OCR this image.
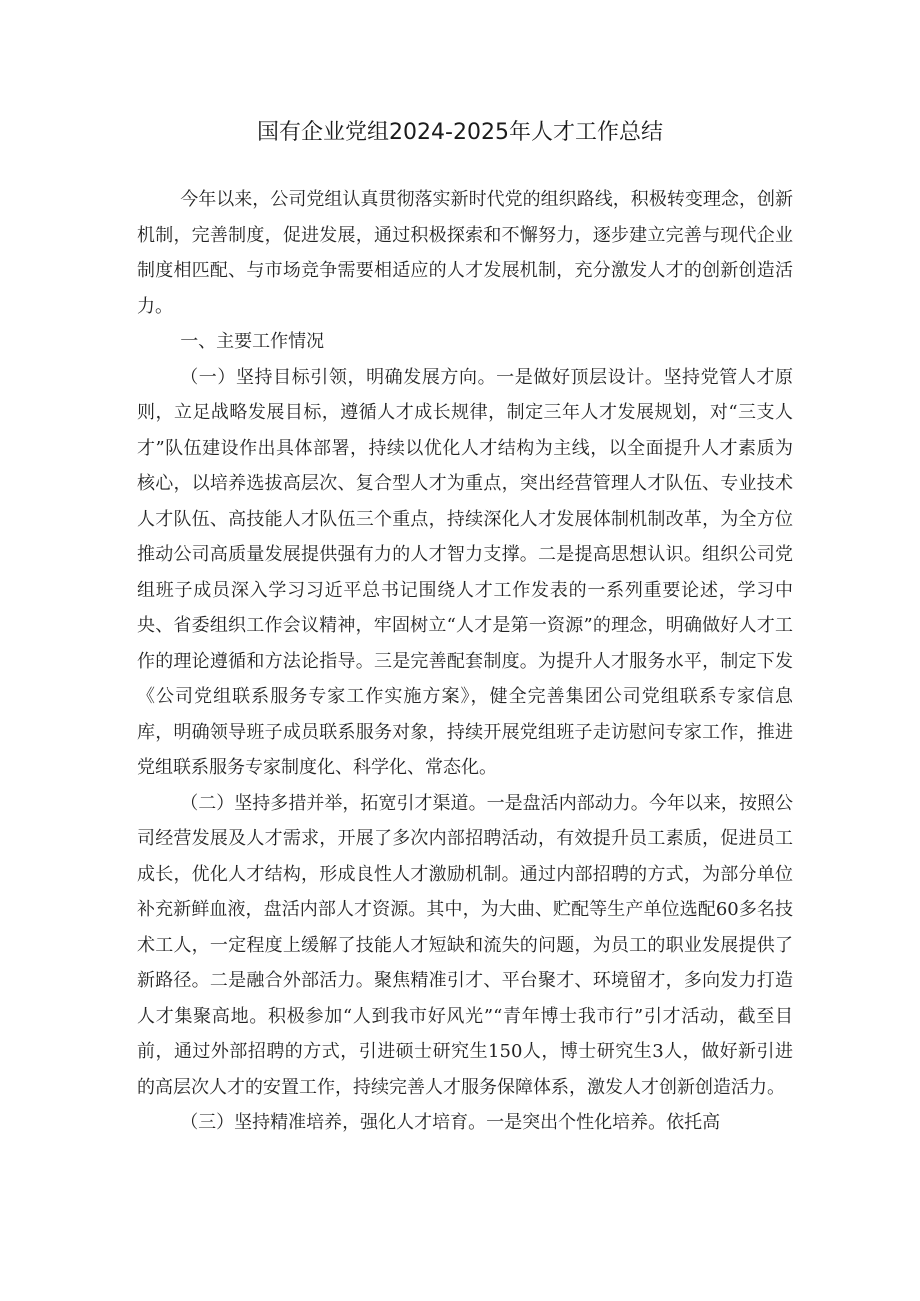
国有企业党组2024-2025年人才工作总结

今年以来，公司党组认真贯彻落实新时代党的组织路线，积极转变理念，创新机制，完善制度，促进发展，通过积极探索和不懈努力，逐步建立完善与现代企业制度相匹配、与市场竞争需要相适应的人才发展机制，充分激发人才的创新创造活力。

一、主要工作情况

（一）坚持目标引领，明确发展方向。一是做好顶层设计。坚持党管人才原则，立足战略发展目标，遵循人才成长规律，制定三年人才发展规划，对“三支人才”队伍建设作出具体部署，持续以优化人才结构为主线，以全面提升人才素质为核心，以培养选拔高层次、复合型人才为重点，突出经营管理人才队伍、专业技术人才队伍、高技能人才队伍三个重点，持续深化人才发展体制机制改革，为全方位推动公司高质量发展提供强有力的人才智力支撑。二是提高思想认识。组织公司党组班子成员深入学习习近平总书记围绕人才工作发表的一系列重要论述，学习中央、省委组织工作会议精神，牢固树立“人才是第一资源”的理念，明确做好人才工作的理论遵循和方法论指导。三是完善配套制度。为提升人才服务水平，制定下发《公司党组联系服务专家工作实施方案》，健全完善集团公司党组联系专家信息库，明确领导班子成员联系服务对象，持续开展党组班子走访慰问专家工作，推进党组联系服务专家制度化、科学化、常态化。

（二）坚持多措并举，拓宽引才渠道。一是盘活内部动力。今年以来，按照公司经营发展及人才需求，开展了多次内部招聘活动，有效提升员工素质，促进员工成长，优化人才结构，形成良性人才激励机制。通过内部招聘的方式，为部分单位补充新鲜血液，盘活内部人才资源。其中，为大曲、贮配等生产单位选配60多名技术工人，一定程度上缓解了技能人才短缺和流失的问题，为员工的职业发展提供了新路径。二是融合外部活力。聚焦精准引才、平台聚才、环境留才，多向发力打造人才集聚高地。积极参加“人到我市好风光”“青年博士我市行”引才活动，截至目前，通过外部招聘的方式，引进硕士研究生150人，博士研究生3人，做好新引进的高层次人才的安置工作，持续完善人才服务保障体系，激发人才创新创造活力。

（三）坚持精准培养，强化人才培育。一是突出个性化培养。依托高
